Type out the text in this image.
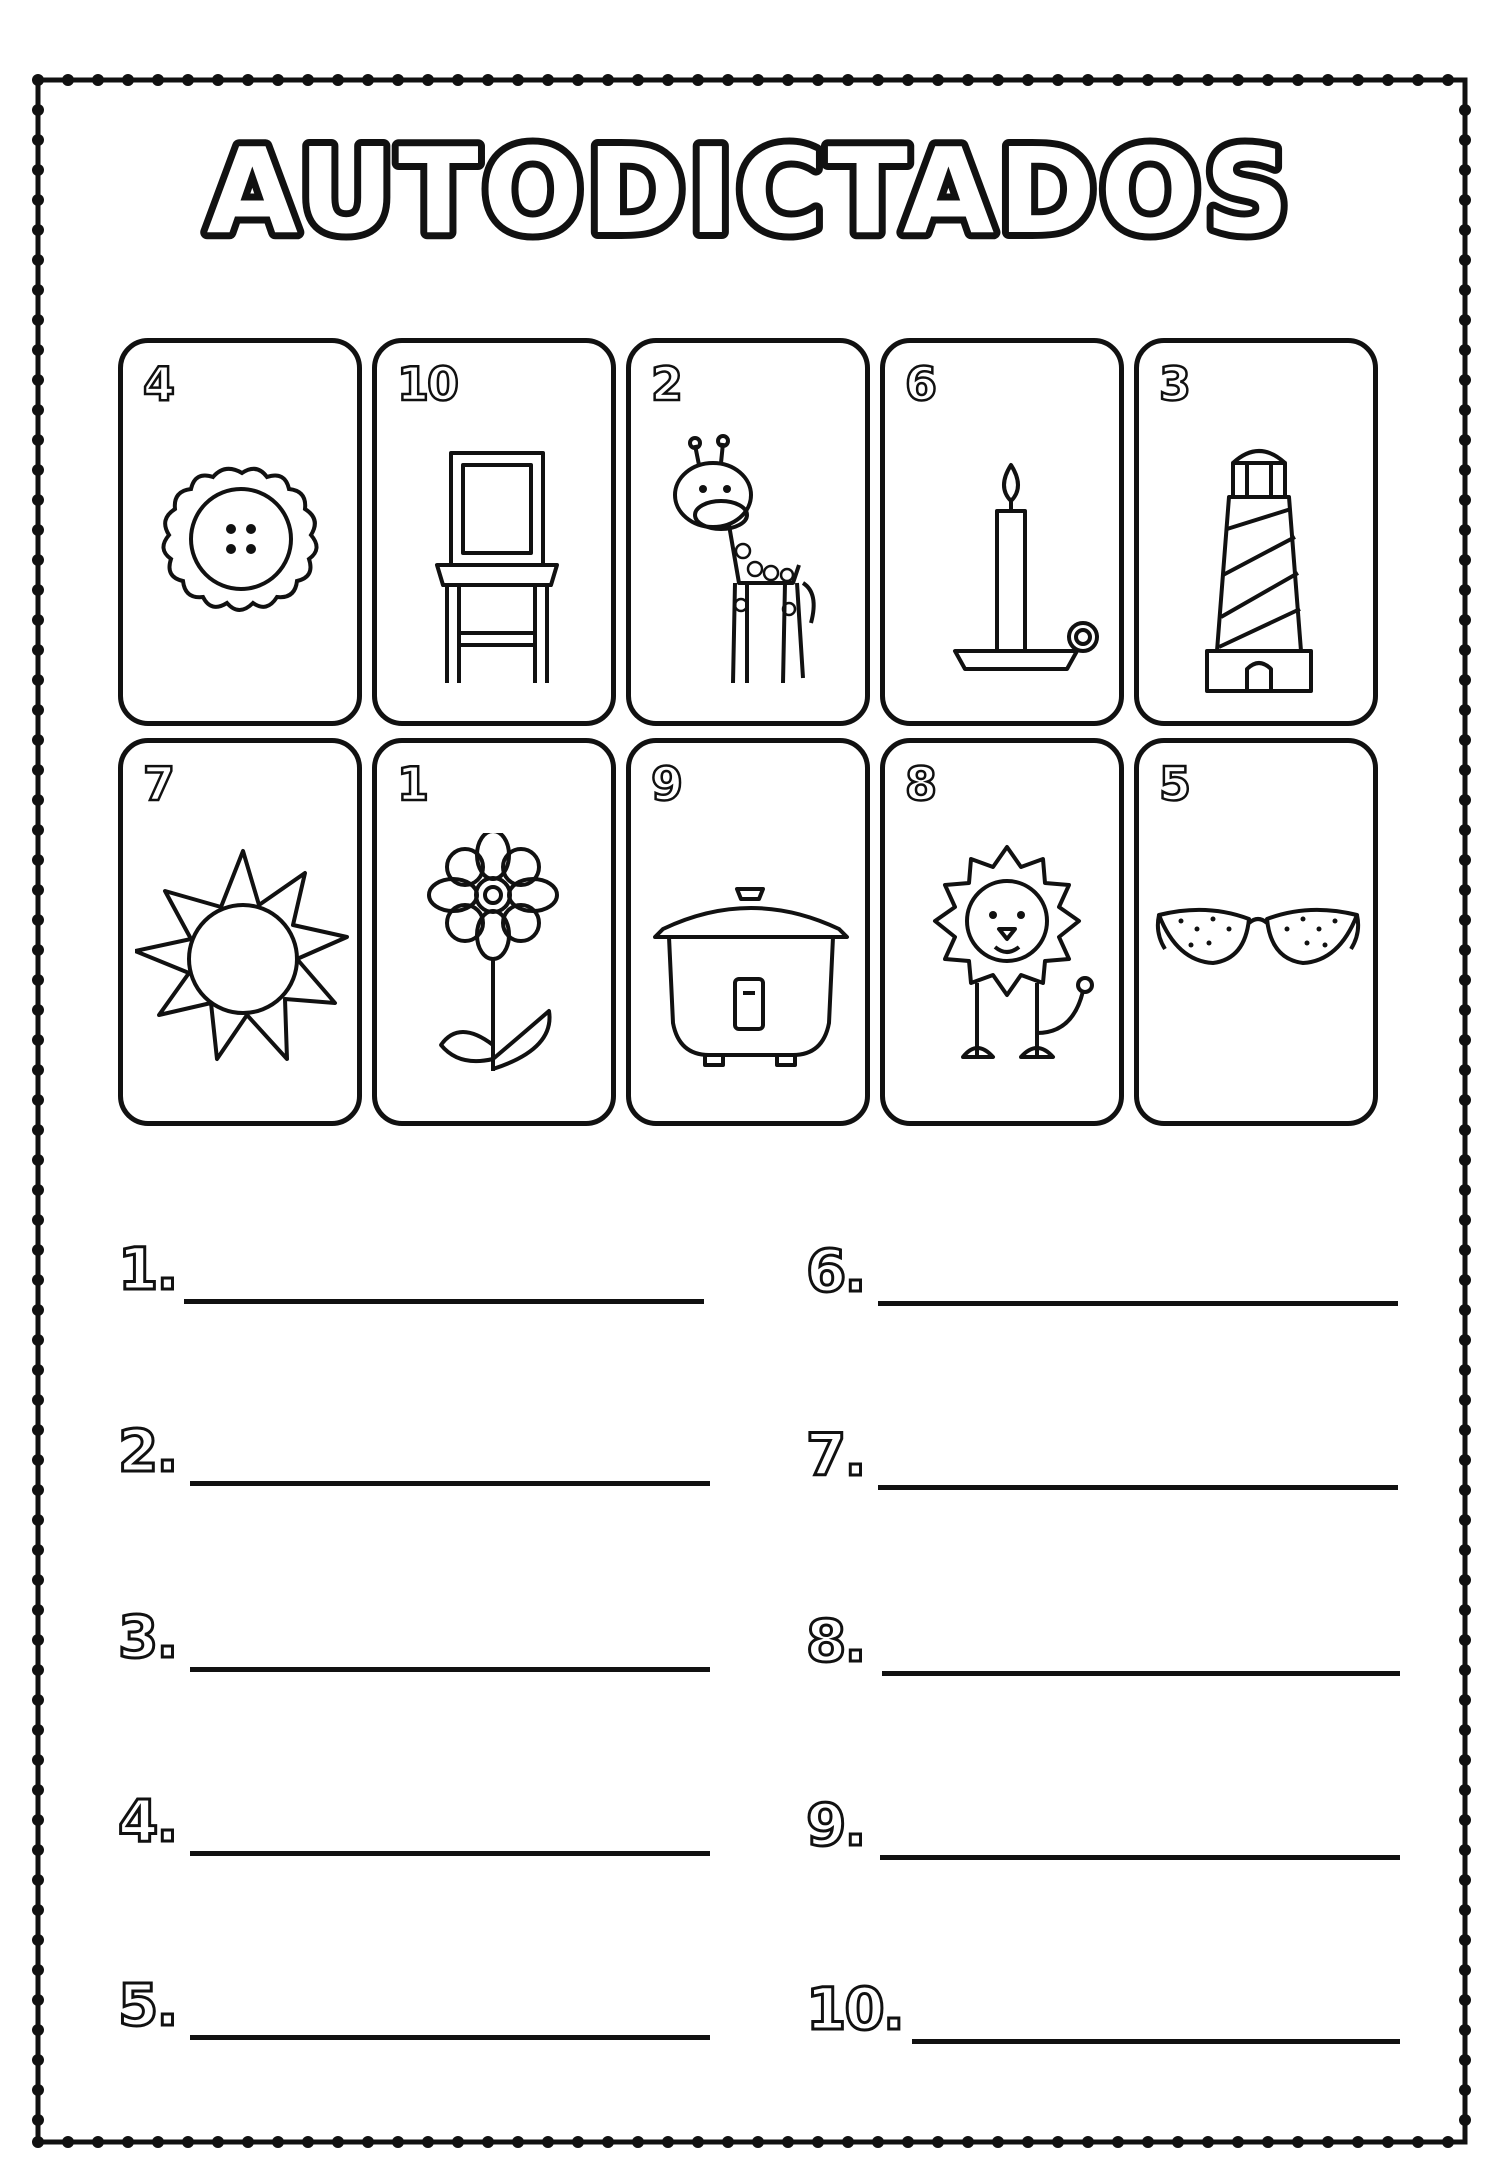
AUTODICTADOS
4	10	2	6	3
7	1	9	8	5
1.
2.
3.
4.
5.
6.
7.
8.
9.
10.
